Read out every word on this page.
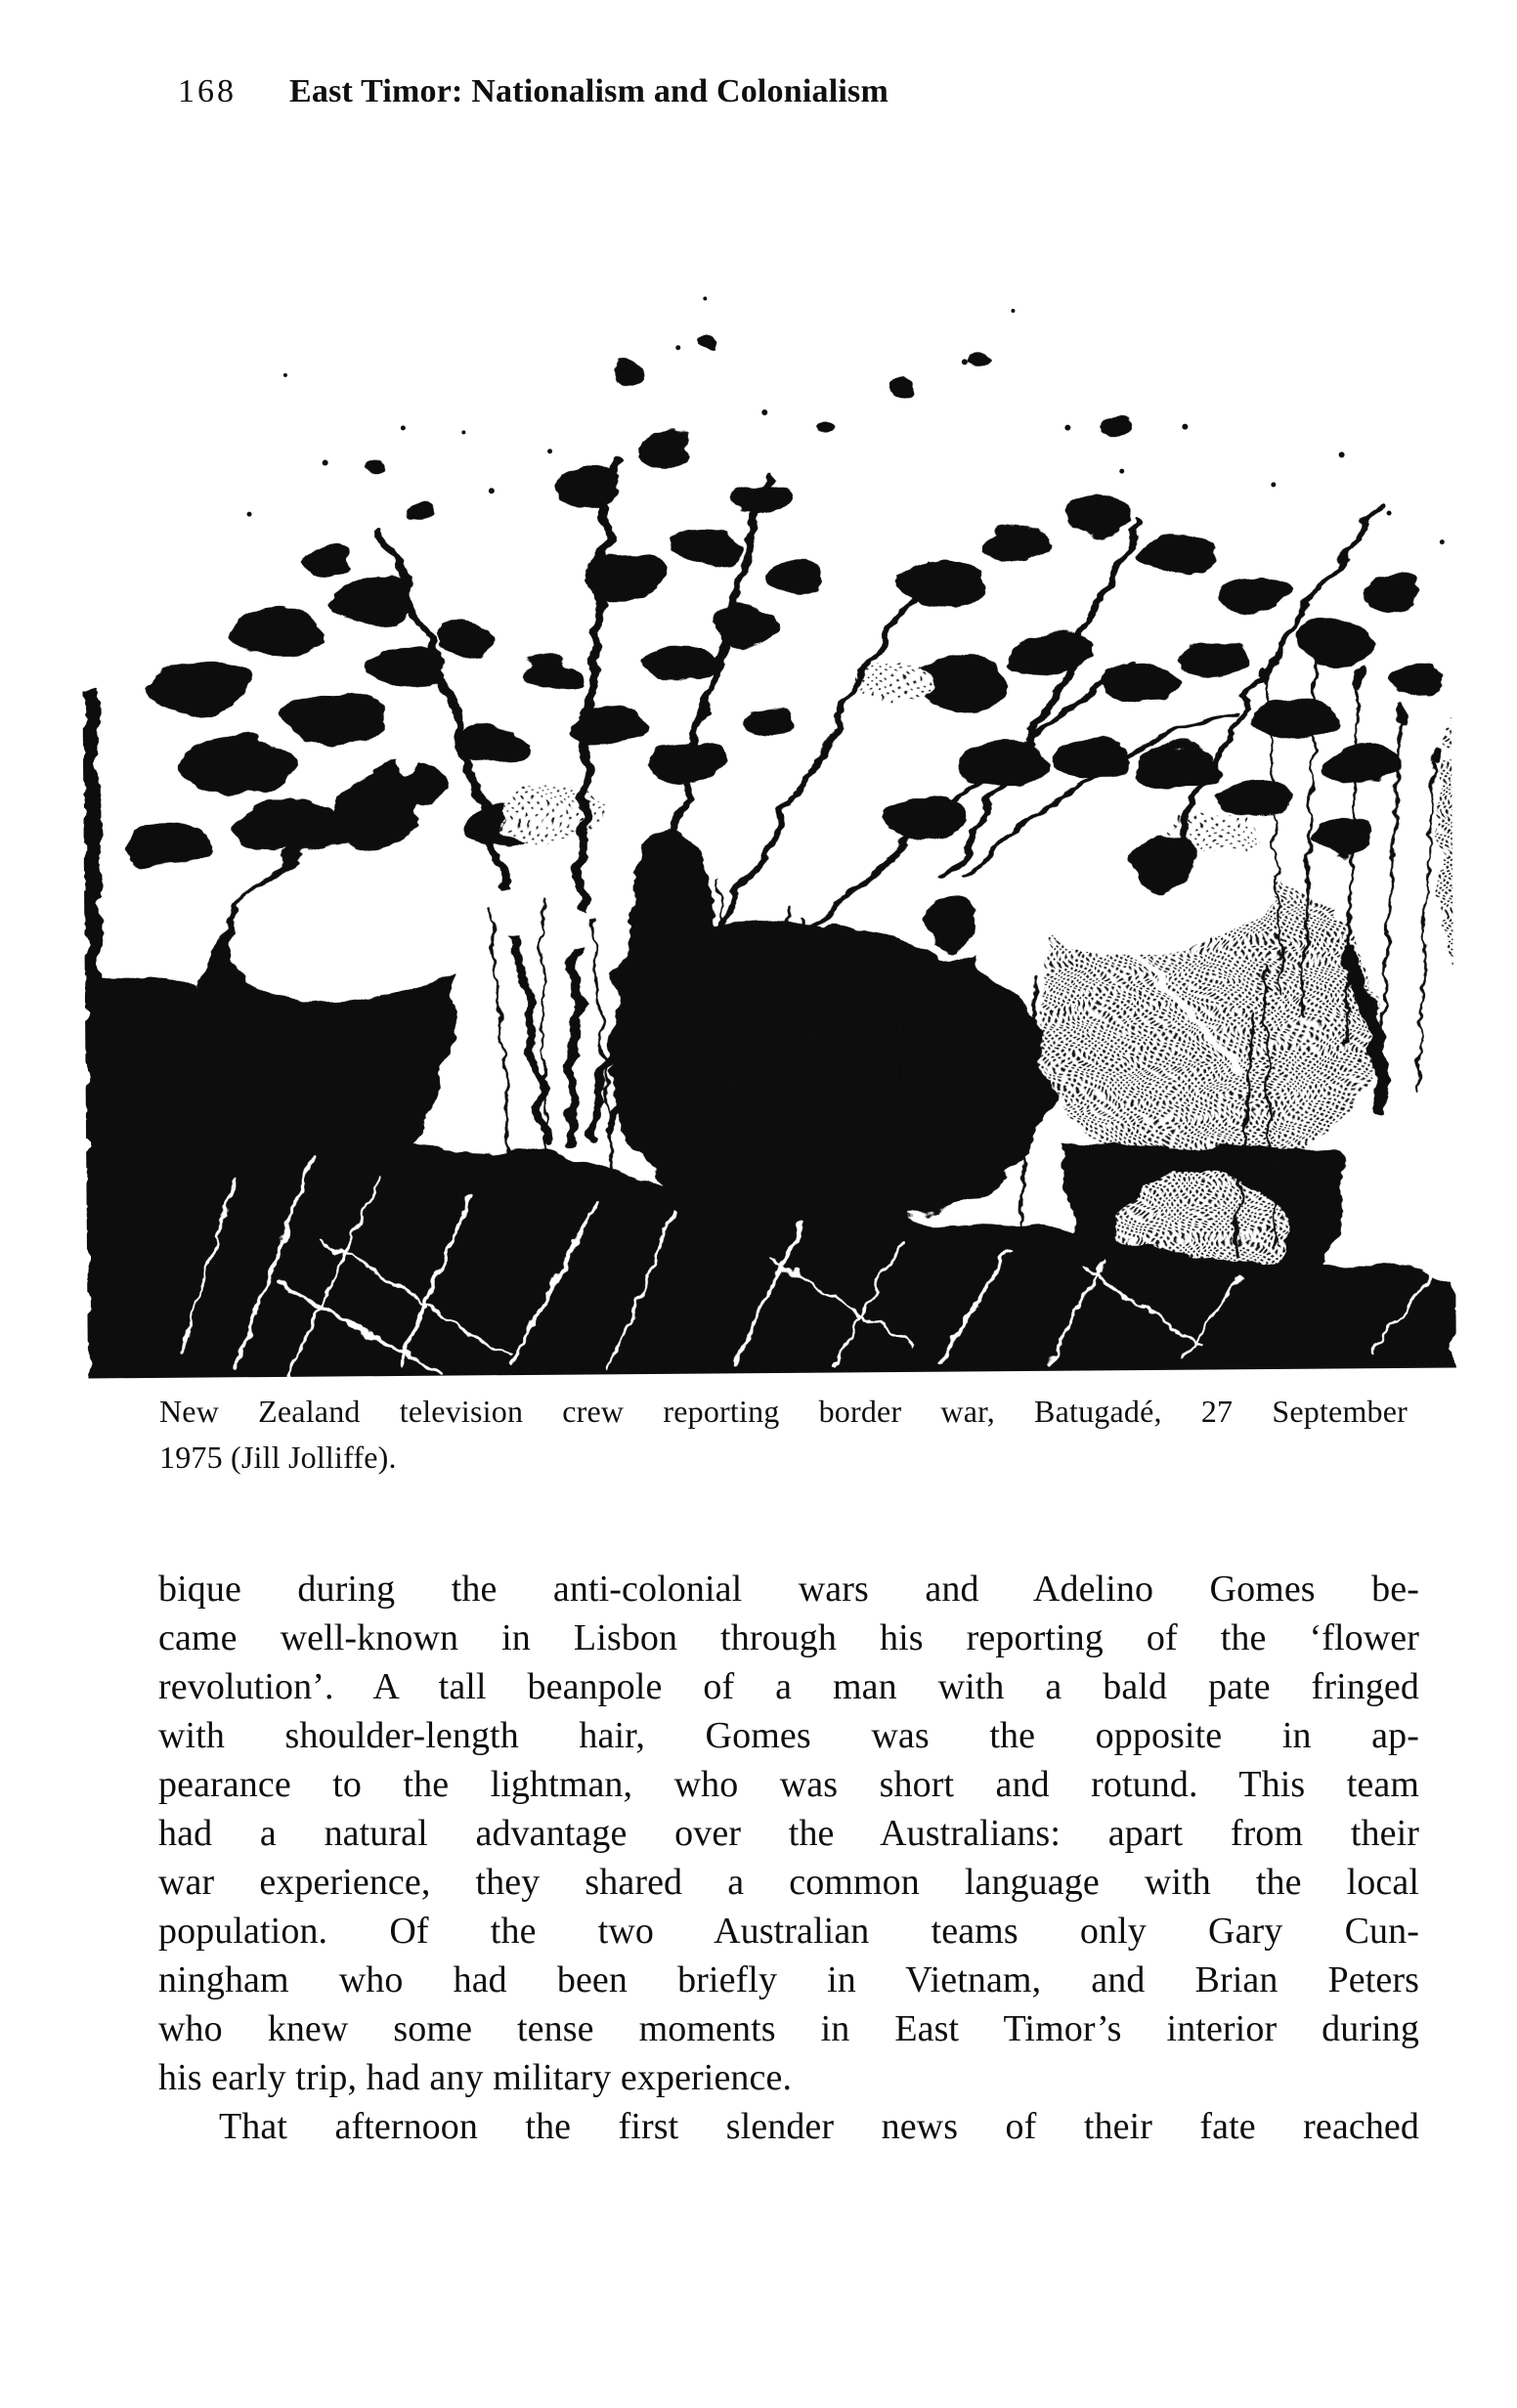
168 East Timor: Nationalism and Colonialism
New Zealand television crew reporting border war, Batugadé, 27 September
1975 (Jill Jolliffe).
bique during the anti-colonial wars and Adelino Gomes be-
came well-known in Lisbon through his reporting of the ‘flower
revolution’. A tall beanpole of a man with a bald pate fringed
with shoulder-length hair, Gomes was the opposite in ap-
pearance to the lightman, who was short and rotund. This team
had a natural advantage over the Australians: apart from their
war experience, they shared a common language with the local
population. Of the two Australian teams only Gary Cun-
ningham who had been briefly in Vietnam, and Brian Peters
who knew some tense moments in East Timor’s interior during
his early trip, had any military experience.
That afternoon the first slender news of their fate reached
